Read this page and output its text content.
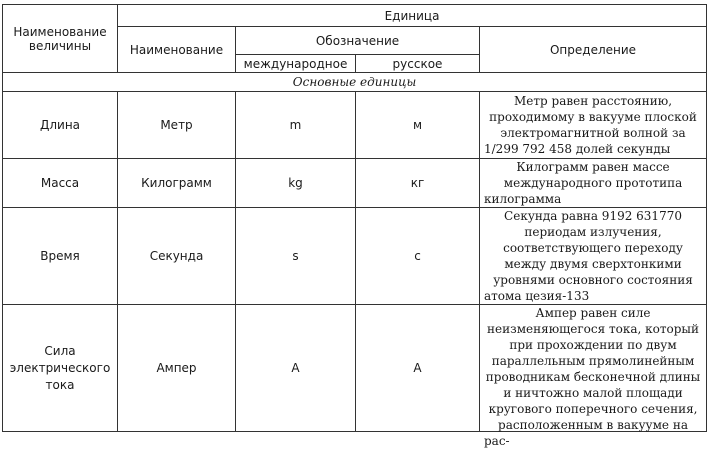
Наименование величины	Единица			
	Наименование	Обозначение		Определение
		международное	русское	
Основные единицы				
Длина	Метр	m	м	Метр равен расстоянию, проходимому в вакууме плоской электромагнитной волной за 1/299 792 458 долей секунды
Масса	Килограмм	kg	кг	Килограмм равен массе международного прототипа килограмма
Время	Секунда	s	с	Секунда равна 9192 631770 периодам излучения, соответствующего переходу между двумя сверхтонкими уровнями основного состояния атома цезия-133
Сила электрического тока	Ампер	A	А	Ампер равен силе неизменяющегося тока, который при прохождении по двум параллельным прямолинейным проводникам бесконечной длины и ничтожно малой площади кругового поперечного сечения, расположенным в вакууме на рас-
